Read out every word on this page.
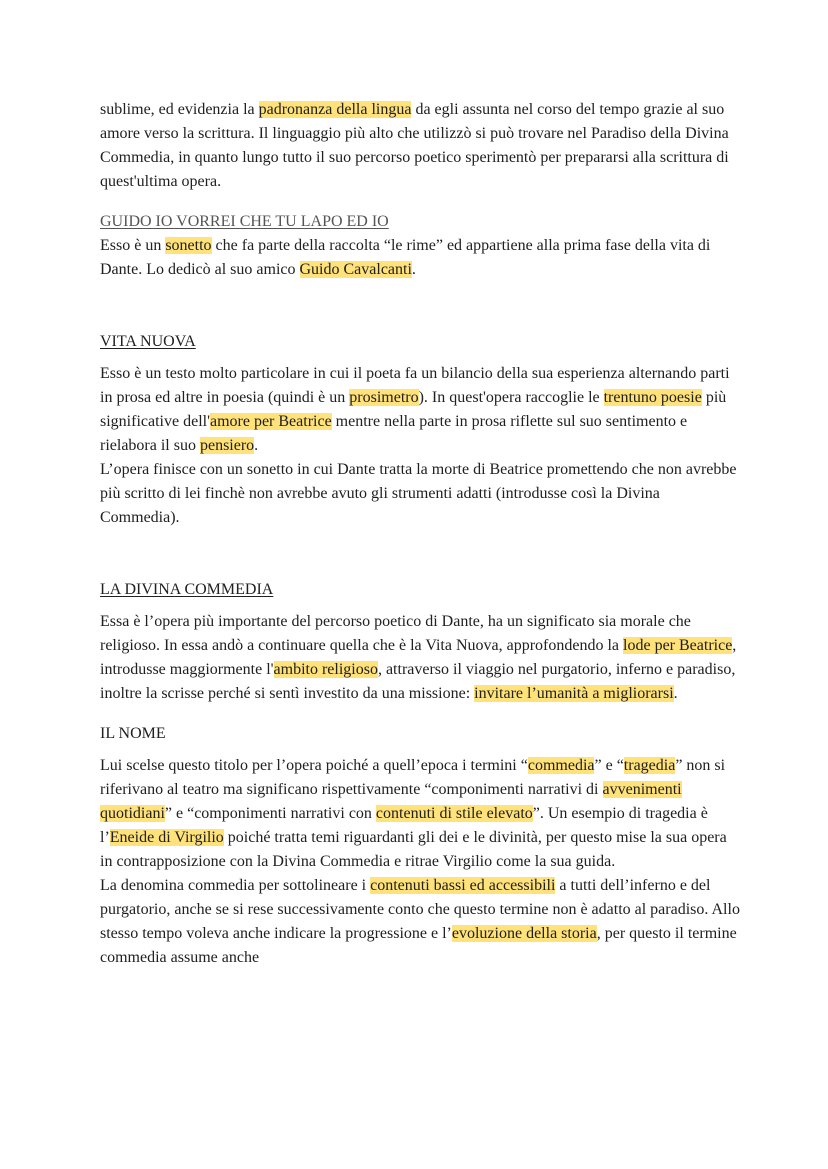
sublime, ed evidenzia la padronanza della lingua da egli assunta nel corso del tempo grazie al suo amore verso la scrittura. Il linguaggio più alto che utilizzò si può trovare nel Paradiso della Divina Commedia, in quanto lungo tutto il suo percorso poetico sperimentò per prepararsi alla scrittura di quest'ultima opera.

GUIDO IO VORREI CHE TU LAPO ED IO

Esso è un sonetto che fa parte della raccolta “le rime” ed appartiene alla prima fase della vita di Dante. Lo dedicò al suo amico Guido Cavalcanti.

VITA NUOVA

Esso è un testo molto particolare in cui il poeta fa un bilancio della sua esperienza alternando parti in prosa ed altre in poesia (quindi è un prosimetro). In quest'opera raccoglie le trentuno poesie più significative dell'amore per Beatrice mentre nella parte in prosa riflette sul suo sentimento e rielabora il suo pensiero.

L’opera finisce con un sonetto in cui Dante tratta la morte di Beatrice promettendo che non avrebbe più scritto di lei finchè non avrebbe avuto gli strumenti adatti (introdusse così la Divina Commedia).

LA DIVINA COMMEDIA

Essa è l’opera più importante del percorso poetico di Dante, ha un significato sia morale che religioso. In essa andò a continuare quella che è la Vita Nuova, approfondendo la lode per Beatrice, introdusse maggiormente l'ambito religioso, attraverso il viaggio nel purgatorio, inferno e paradiso, inoltre la scrisse perché si sentì investito da una missione: invitare l’umanità a migliorarsi.

IL NOME

Lui scelse questo titolo per l’opera poiché a quell’epoca i termini “commedia” e “tragedia” non si riferivano al teatro ma significano rispettivamente “componimenti narrativi di avvenimenti quotidiani” e “componimenti narrativi con contenuti di stile elevato”. Un esempio di tragedia è l’Eneide di Virgilio poiché tratta temi riguardanti gli dei e le divinità, per questo mise la sua opera in contrapposizione con la Divina Commedia e ritrae Virgilio come la sua guida.

La denomina commedia per sottolineare i contenuti bassi ed accessibili a tutti dell’inferno e del purgatorio, anche se si rese successivamente conto che questo termine non è adatto al paradiso. Allo stesso tempo voleva anche indicare la progressione e l’evoluzione della storia, per questo il termine commedia assume anche
